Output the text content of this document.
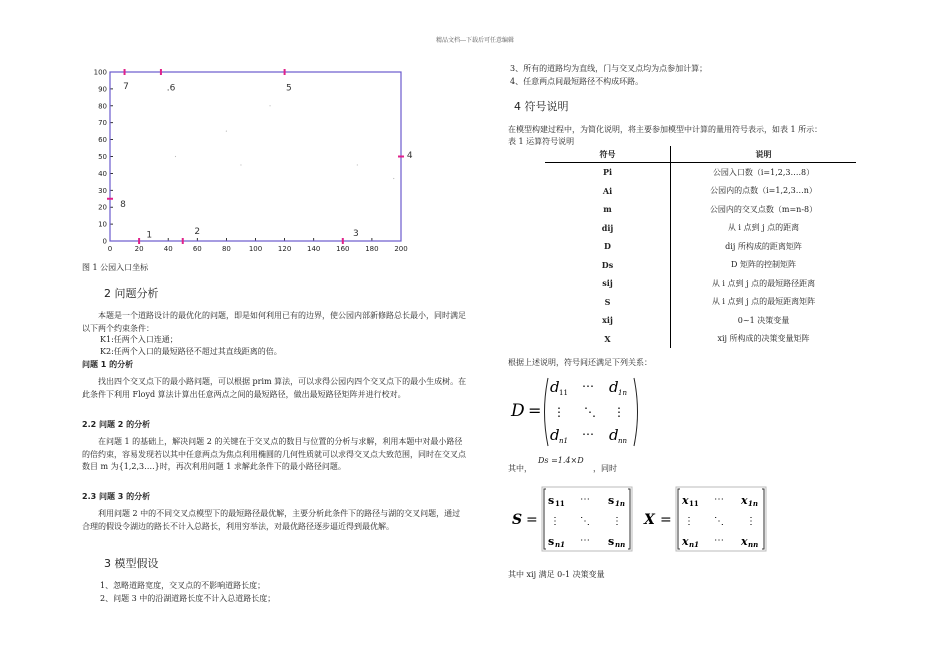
精品文档---下载后可任意编辑
0	20	40	60	80	100 120 140 160 180 200
0
10
20
30
40
50
60
70
80
90
100
1	2	3
4
5
.6
7
8
图 1 公园入口坐标
2 问题分析
本题是一个道路设计的最优化的问题，即是如何利用已有的边界，使公园内部新修路总长最小，同时满足以下两个约束条件：
K1:任两个入口连通；
K2:任两个入口的最短路径不超过其直线距离的倍。
问题 1 的分析
找出四个交叉点下的最小路问题，可以根据 prim 算法，可以求得公园内四个交叉点下的最小生成树。在此条件下利用 Floyd 算法计算出任意两点之间的最短路径，做出最短路径矩阵并进行校对。
2.2 问题 2 的分析
在问题 1 的基础上，解决问题 2 的关键在于交叉点的数目与位置的分析与求解，利用本题中对最小路径的倍约束，容易发现若以其中任意两点为焦点利用椭圆的几何性质就可以求得交叉点大致范围，同时在交叉点数目 m 为{1,2,3….}时，再次利用问题 1 求解此条件下的最小路径问题。
2.3 问题 3 的分析
利用问题 2 中的不同交叉点模型下的最短路径最优解，主要分析此条件下的路径与湖的交叉问题，通过合理的假设令湖边的路长不计入总路长，利用穷举法，对最优路径逐步逼近得到最优解。
3 模型假设
1、忽略道路宽度，交叉点的不影响道路长度；
2、问题 3 中的沿湖道路长度不计入总道路长度；
3、所有的道路均为直线，门与交叉点均为点参加计算；
4、任意两点间最短路径不构成环路。
4 符号说明
在模型构建过程中，为简化说明，将主要参加模型中计算的量用符号表示，如表 1 所示：
表 1 运算符号说明
符号	说明
Pi	公园入口数（i=1,2,3….8）
Ai	公园内的点数（i=1,2,3…n）
m	公园内的交叉点数（m=n-8）
dij	从 i 点到 j 点的距离
D	dij 所构成的距离矩阵
Ds	D 矩阵的控制矩阵
sij	从 i 点到 j 点的最短路径距离
S	从 i 点到 j 点的最短距离矩阵
xij	0~1 决策变量
X	xij 所构成的决策变量矩阵
根据上述说明，符号间还满足下列关系：
D =
d 11 ⋯ d 1n
⋮ ⋱ ⋮
d n1 ⋯ d nn
其中，
Ds =1.4×D
，同时
S =
s 11 ⋯ s 1n
⋮ ⋱ ⋮
s n1 ⋯ s nn
X =
x 11 ⋯ x 1n
⋮ ⋱ ⋮
x n1 ⋯ x nn
其中 xij 满足 0-1 决策变量
